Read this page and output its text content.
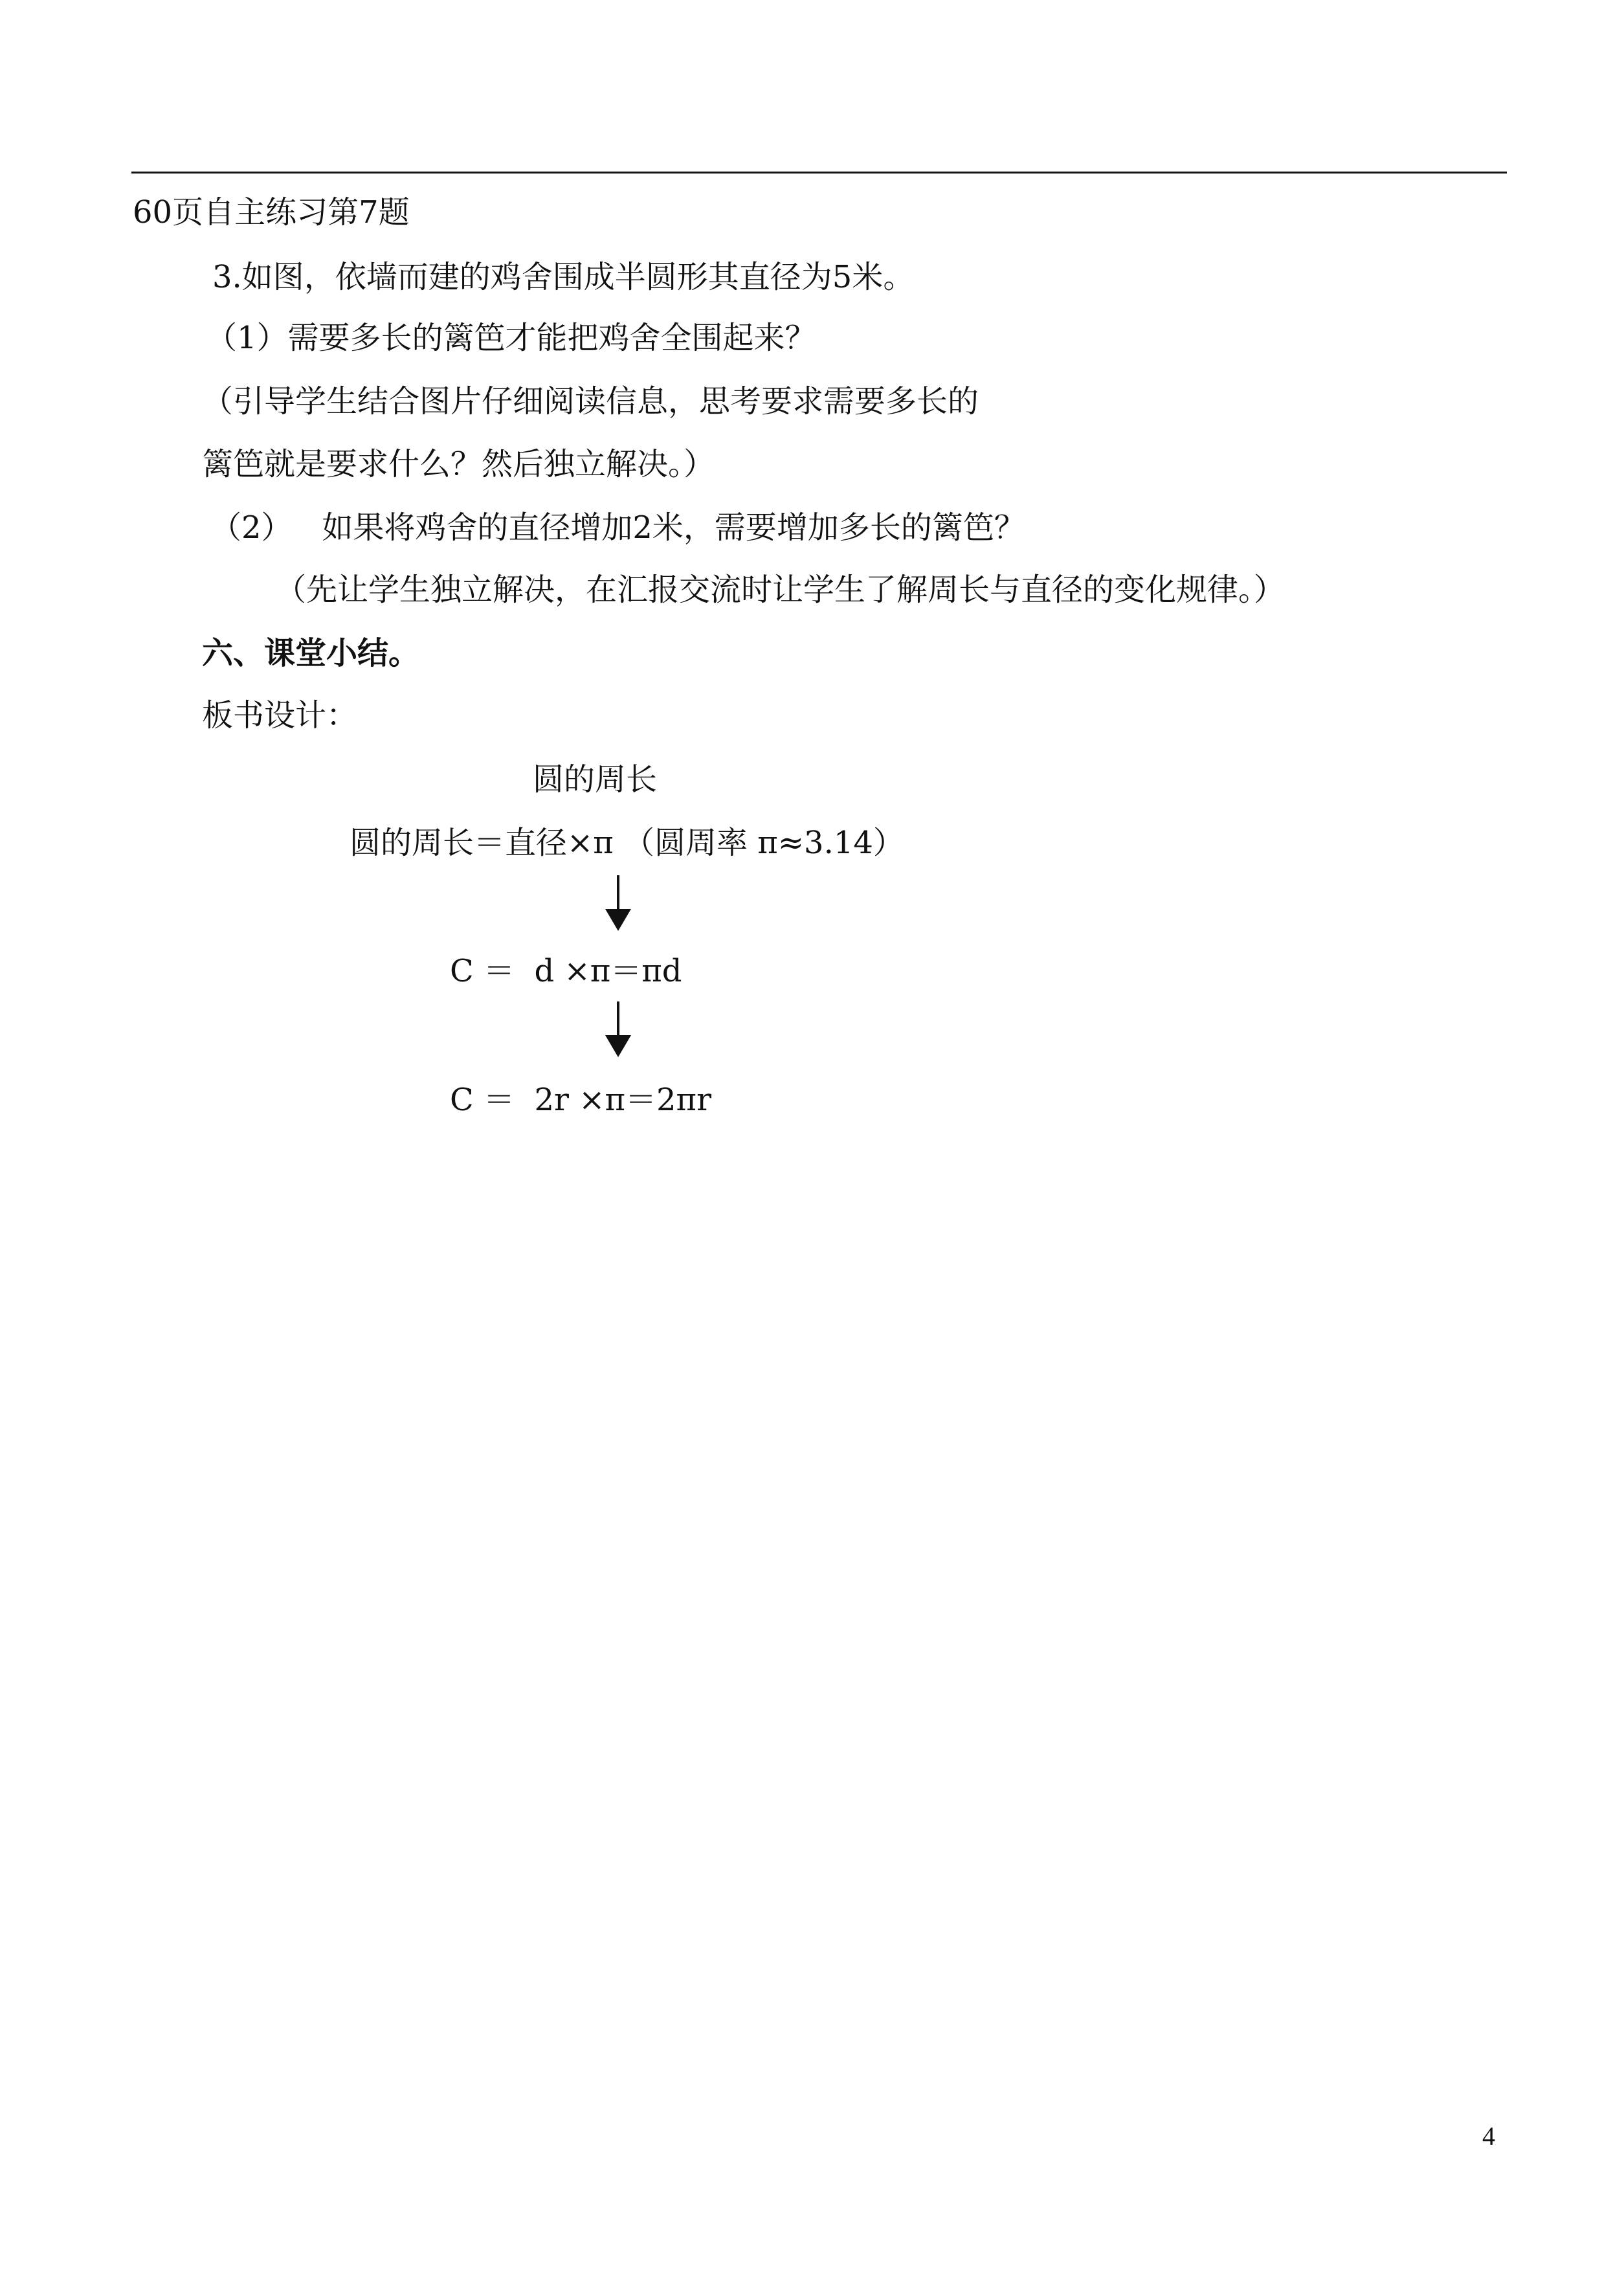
60页自主练习第7题
3.如图，依墙而建的鸡舍围成半圆形其直径为5米。
（1）需要多长的篱笆才能把鸡舍全围起来？
（引导学生结合图片仔细阅读信息，思考要求需要多长的
篱笆就是要求什么？然后独立解决。）
（2）   如果将鸡舍的直径增加2米，需要增加多长的篱笆？
（先让学生独立解决，在汇报交流时让学生了解周长与直径的变化规律。）
六、课堂小结。
板书设计：
圆的周长
圆的周长＝直径×π （圆周率 π≈3.14）
C ＝  d ×π＝πd
C ＝  2r ×π＝2πr
4
